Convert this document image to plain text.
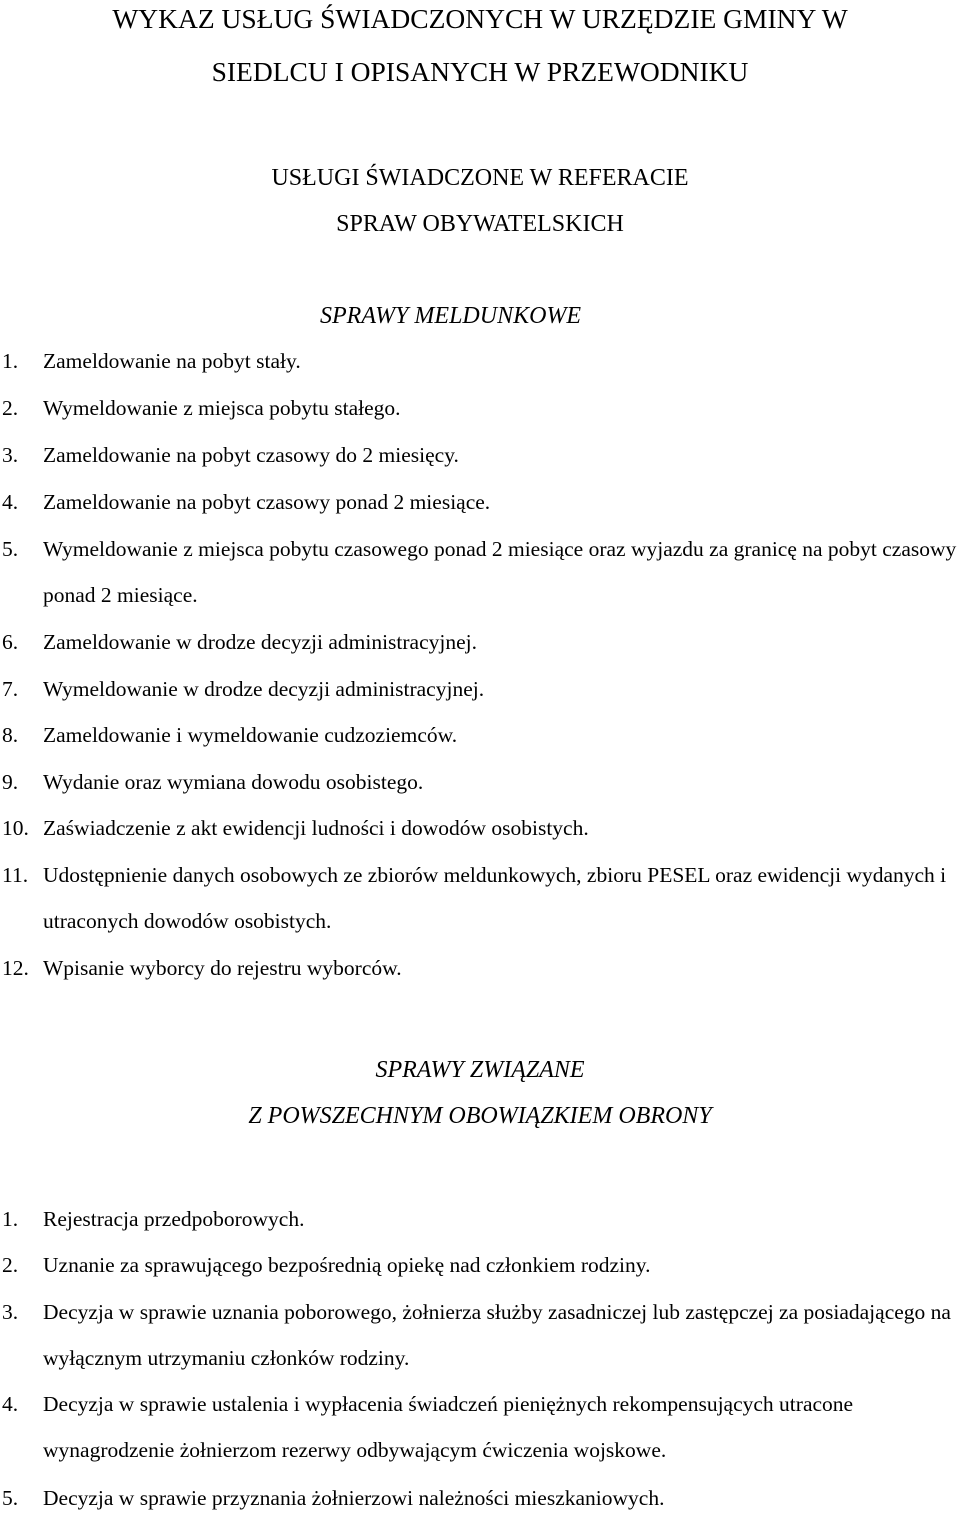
WYKAZ USŁUG ŚWIADCZONYCH W URZĘDZIE GMINY W
SIEDLCU I OPISANYCH W PRZEWODNIKU
USŁUGI ŚWIADCZONE W REFERACIE
SPRAW OBYWATELSKICH
SPRAWY MELDUNKOWE
1. Zameldowanie na pobyt stały.
2. Wymeldowanie z miejsca pobytu stałego.
3. Zameldowanie na pobyt czasowy do 2 miesięcy.
4. Zameldowanie na pobyt czasowy ponad 2 miesiące.
5. Wymeldowanie z miejsca pobytu czasowego ponad 2 miesiące oraz wyjazdu za granicę na pobyt czasowy ponad 2 miesiące.
6. Zameldowanie w drodze decyzji administracyjnej.
7. Wymeldowanie w drodze decyzji administracyjnej.
8. Zameldowanie i wymeldowanie cudzoziemców.
9. Wydanie oraz wymiana dowodu osobistego.
10. Zaświadczenie z akt ewidencji ludności i dowodów osobistych.
11. Udostępnienie danych osobowych ze zbiorów meldunkowych, zbioru PESEL oraz ewidencji wydanych i utraconych dowodów osobistych.
12. Wpisanie wyborcy do rejestru wyborców.
SPRAWY ZWIĄZANE
Z POWSZECHNYM OBOWIĄZKIEM OBRONY
1. Rejestracja przedpoborowych.
2. Uznanie za sprawującego bezpośrednią opiekę nad członkiem rodziny.
3. Decyzja w sprawie uznania poborowego, żołnierza służby zasadniczej lub zastępczej za posiadającego na wyłącznym utrzymaniu członków rodziny.
4. Decyzja w sprawie ustalenia i wypłacenia świadczeń pieniężnych rekompensujących utracone wynagrodzenie żołnierzom rezerwy odbywającym ćwiczenia wojskowe.
5. Decyzja w sprawie przyznania żołnierzowi należności mieszkaniowych.
